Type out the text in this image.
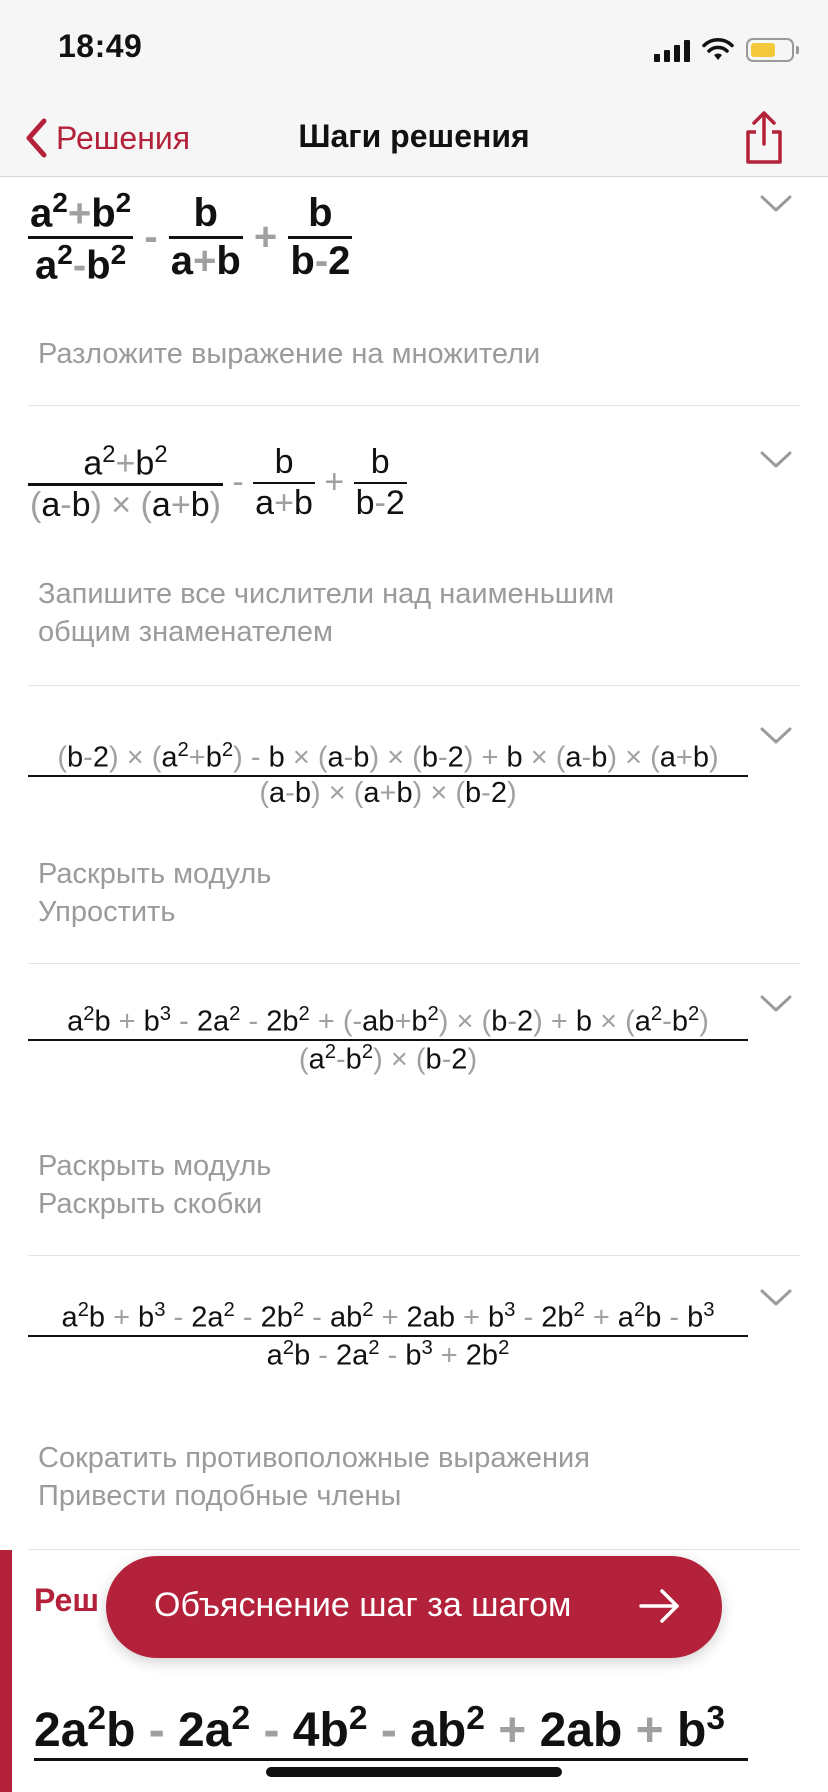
18:49
Решения	Шаги решения
$\frac{a^2+b^2}{a^2-b^2} - \frac{b}{a+b} + \frac{b}{b-2}$
Разложите выражение на множители
$\frac{a^2+b^2}{(a-b) \times (a+b)} - \frac{b}{a+b} + \frac{b}{b-2}$
Запишите все числители над наименьшим
общим знаменателем
$\frac{(b-2) \times (a^2+b^2) - b \times (a-b) \times (b-2) + b \times (a-b) \times (a+b)}{(a-b) \times (a+b) \times (b-2)}$
Раскрыть модуль
Упростить
$\frac{a^2b + b^3 - 2a^2 - 2b^2 + (-ab+b^2) \times (b-2) + b \times (a^2-b^2)}{(a^2-b^2) \times (b-2)}$
Раскрыть модуль
Раскрыть скобки
$\frac{a^2b + b^3 - 2a^2 - 2b^2 - ab^2 + 2ab + b^3 - 2b^2 + a^2b - b^3}{a^2b - 2a^2 - b^3 + 2b^2}$
Сократить противоположные выражения
Привести подобные члены
Реш
$2a^2b - 2a^2 - 4b^2 - ab^2 + 2ab + b^3$
Объяснение шаг за шагом
